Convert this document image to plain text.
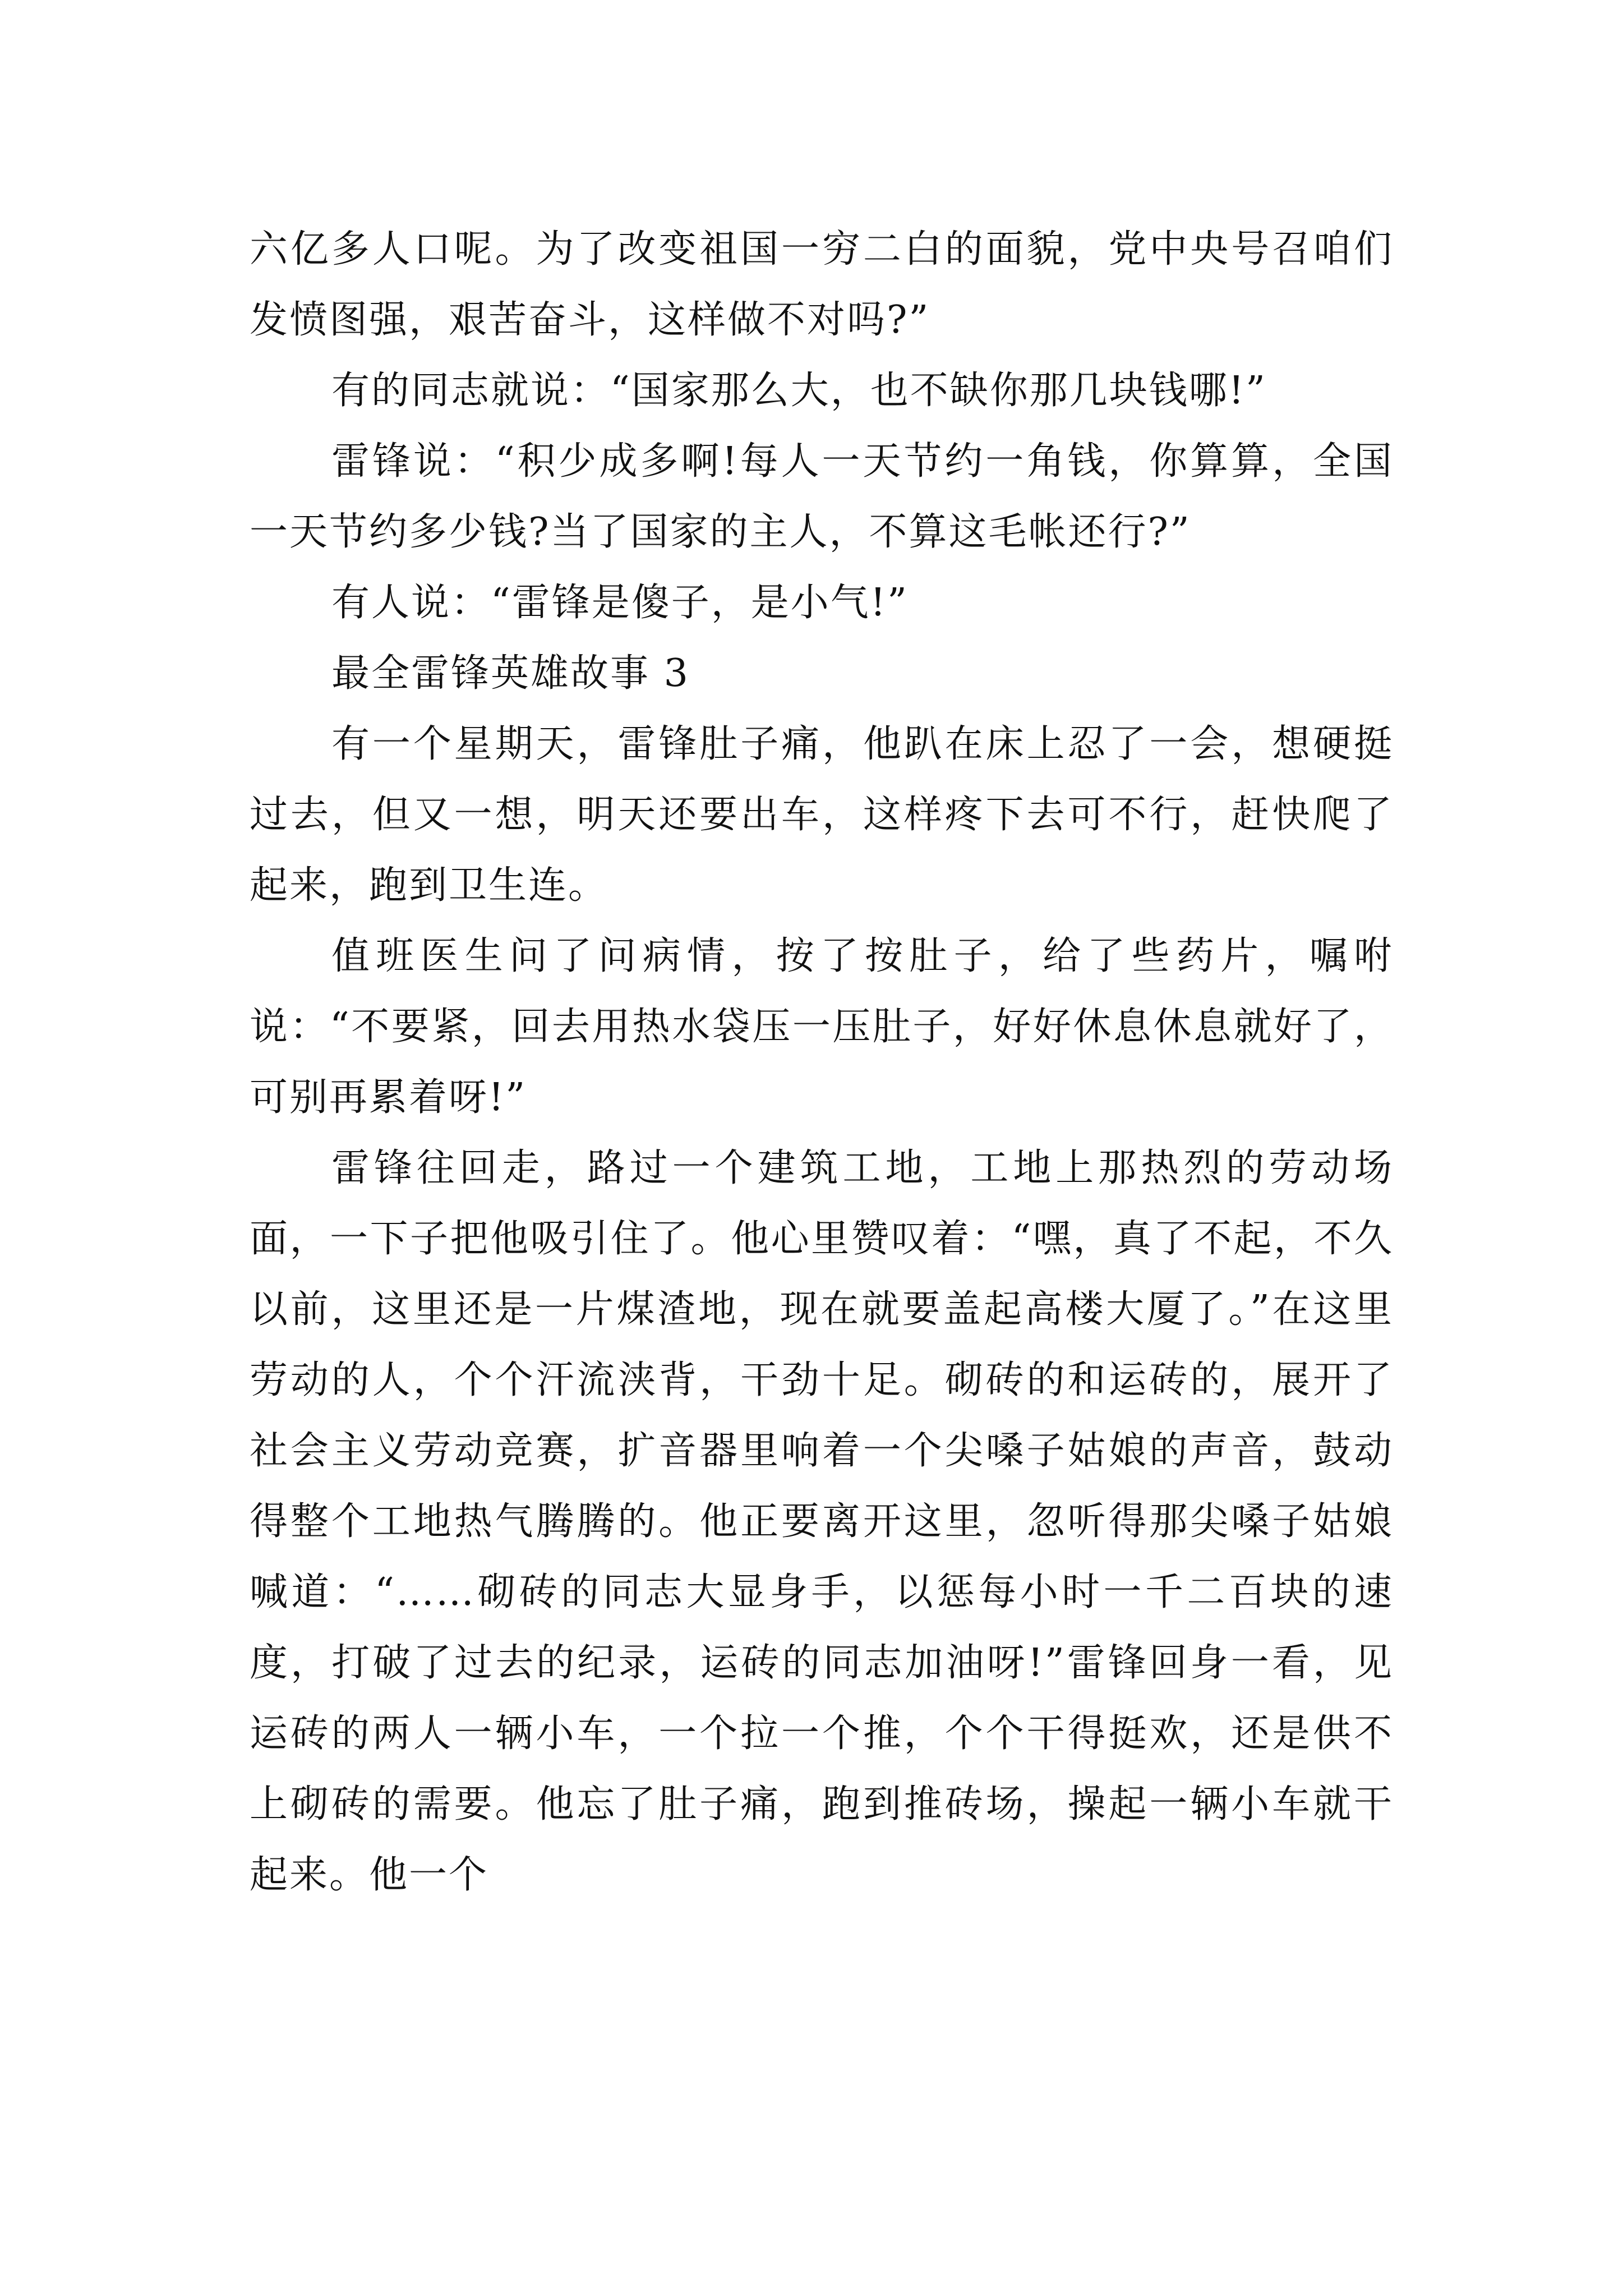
六亿多人口呢。为了改变祖国一穷二白的面貌，党中央号召咱们发愤图强，艰苦奋斗，这样做不对吗?”

有的同志就说：“国家那么大，也不缺你那几块钱哪!”

雷锋说：“积少成多啊!每人一天节约一角钱，你算算，全国一天节约多少钱?当了国家的主人，不算这毛帐还行?”

有人说：“雷锋是傻子，是小气!”

最全雷锋英雄故事 3

有一个星期天，雷锋肚子痛，他趴在床上忍了一会，想硬挺过去，但又一想，明天还要出车，这样疼下去可不行，赶快爬了起来，跑到卫生连。

值班医生问了问病情，按了按肚子，给了些药片，嘱咐说：“不要紧，回去用热水袋压一压肚子，好好休息休息就好了，可别再累着呀!”

雷锋往回走，路过一个建筑工地，工地上那热烈的劳动场面，一下子把他吸引住了。他心里赞叹着：“嘿，真了不起，不久以前，这里还是一片煤渣地，现在就要盖起高楼大厦了。”在这里劳动的人，个个汗流浃背，干劲十足。砌砖的和运砖的，展开了社会主义劳动竞赛，扩音器里响着一个尖嗓子姑娘的声音，鼓动得整个工地热气腾腾的。他正要离开这里，忽听得那尖嗓子姑娘喊道：“……砌砖的同志大显身手，以惩每小时一千二百块的速度，打破了过去的纪录，运砖的同志加油呀!”雷锋回身一看，见运砖的两人一辆小车，一个拉一个推，个个干得挺欢，还是供不上砌砖的需要。他忘了肚子痛，跑到推砖场，操起一辆小车就干起来。他一个
